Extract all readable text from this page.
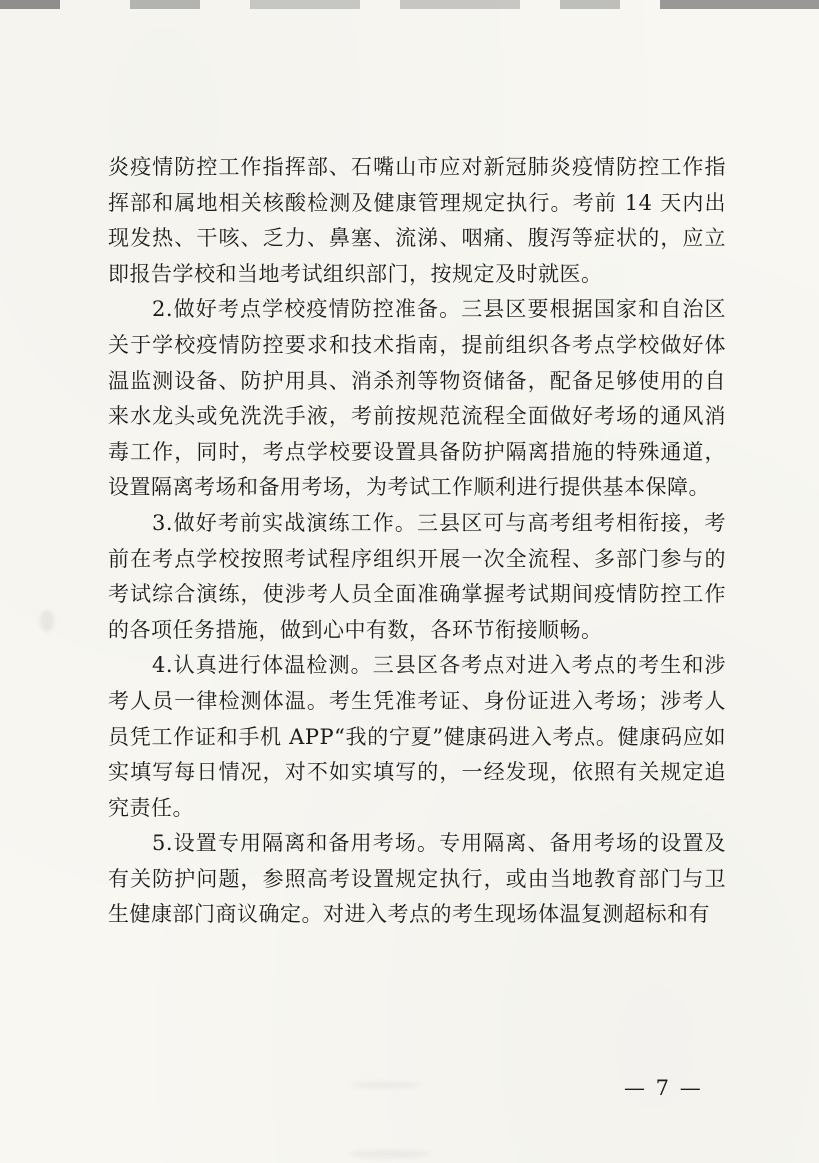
炎疫情防控工作指挥部、石嘴山市应对新冠肺炎疫情防控工作指挥部和属地相关核酸检测及健康管理规定执行。考前 14 天内出现发热、干咳、乏力、鼻塞、流涕、咽痛、腹泻等症状的，应立即报告学校和当地考试组织部门，按规定及时就医。

2.做好考点学校疫情防控准备。三县区要根据国家和自治区关于学校疫情防控要求和技术指南，提前组织各考点学校做好体温监测设备、防护用具、消杀剂等物资储备，配备足够使用的自来水龙头或免洗洗手液，考前按规范流程全面做好考场的通风消毒工作，同时，考点学校要设置具备防护隔离措施的特殊通道，设置隔离考场和备用考场，为考试工作顺利进行提供基本保障。

3.做好考前实战演练工作。三县区可与高考组考相衔接，考前在考点学校按照考试程序组织开展一次全流程、多部门参与的考试综合演练，使涉考人员全面准确掌握考试期间疫情防控工作的各项任务措施，做到心中有数，各环节衔接顺畅。

4.认真进行体温检测。三县区各考点对进入考点的考生和涉考人员一律检测体温。考生凭准考证、身份证进入考场；涉考人员凭工作证和手机 APP“我的宁夏”健康码进入考点。健康码应如实填写每日情况，对不如实填写的，一经发现，依照有关规定追究责任。

5.设置专用隔离和备用考场。专用隔离、备用考场的设置及有关防护问题，参照高考设置规定执行，或由当地教育部门与卫生健康部门商议确定。对进入考点的考生现场体温复测超标和有

— 7 —
